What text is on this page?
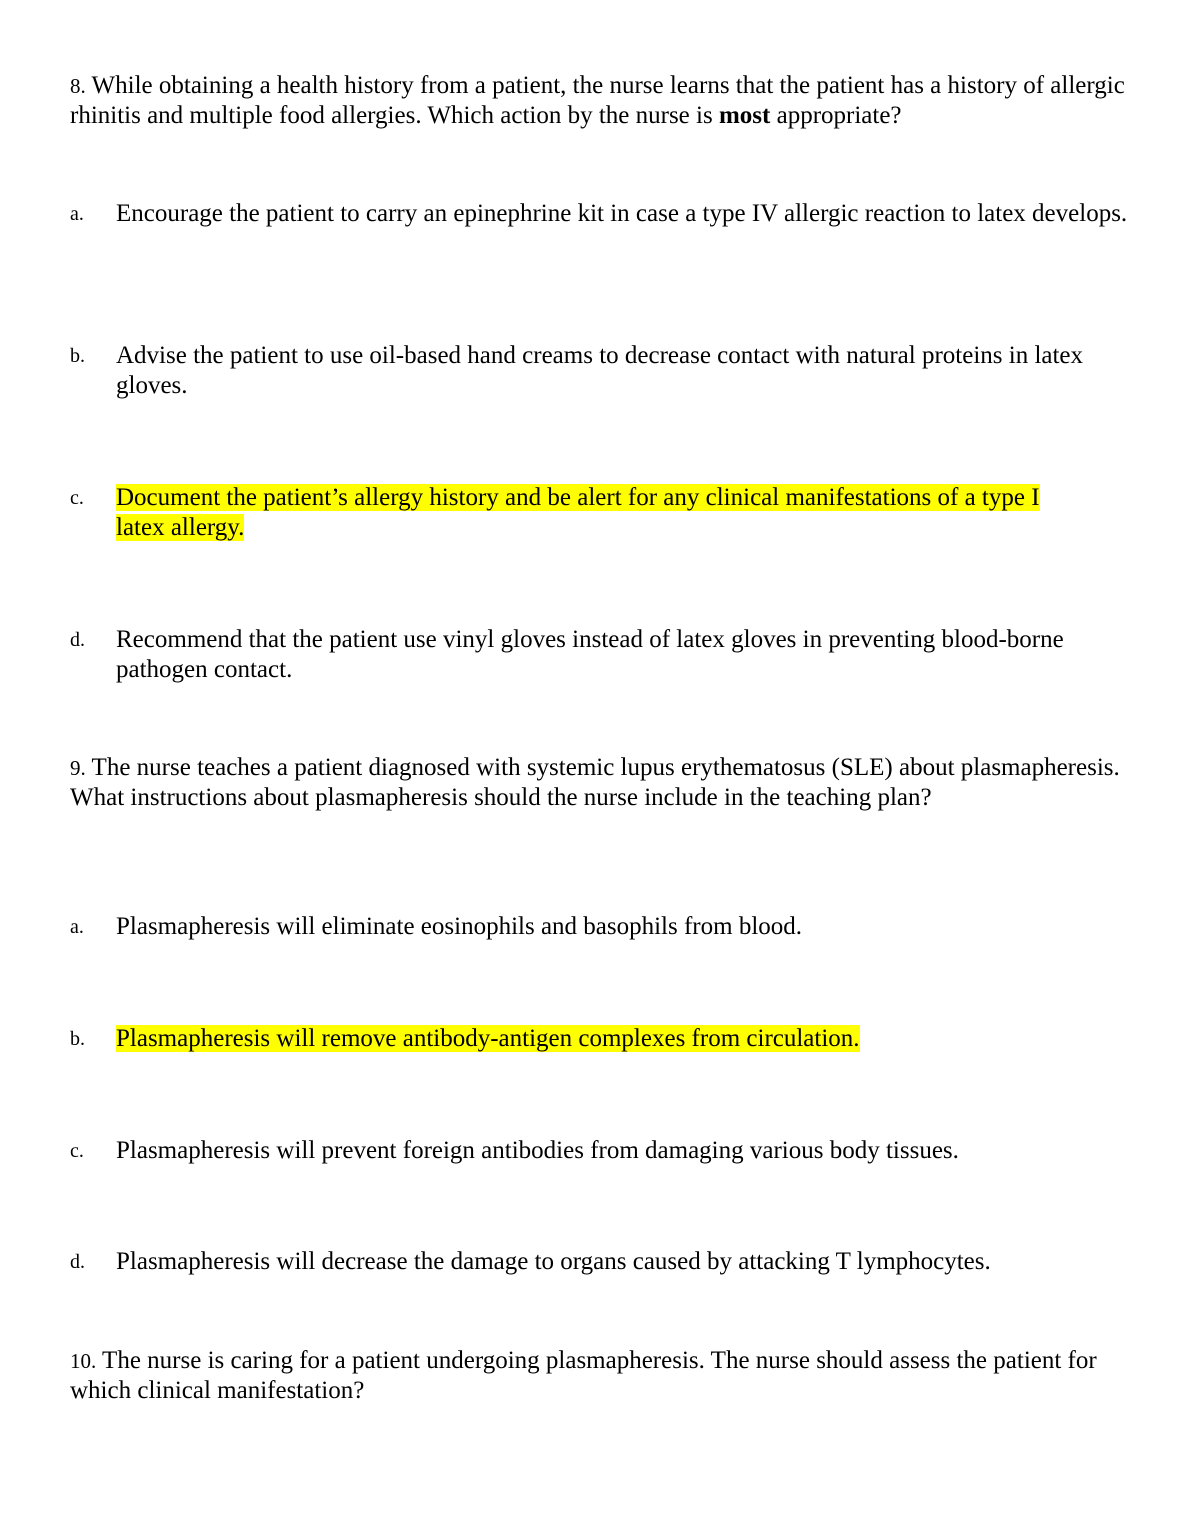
8. While obtaining a health history from a patient, the nurse learns that the patient has a history of allergic rhinitis and multiple food allergies. Which action by the nurse is most appropriate?
a. Encourage the patient to carry an epinephrine kit in case a type IV allergic reaction to latex develops.
b. Advise the patient to use oil-based hand creams to decrease contact with natural proteins in latex gloves.
c. Document the patient’s allergy history and be alert for any clinical manifestations of a type I
latex allergy.
d. Recommend that the patient use vinyl gloves instead of latex gloves in preventing blood-borne pathogen contact.
9. The nurse teaches a patient diagnosed with systemic lupus erythematosus (SLE) about plasmapheresis. What instructions about plasmapheresis should the nurse include in the teaching plan?
a. Plasmapheresis will eliminate eosinophils and basophils from blood.
b. Plasmapheresis will remove antibody-antigen complexes from circulation.
c. Plasmapheresis will prevent foreign antibodies from damaging various body tissues.
d. Plasmapheresis will decrease the damage to organs caused by attacking T lymphocytes.
10. The nurse is caring for a patient undergoing plasmapheresis. The nurse should assess the patient for which clinical manifestation?
